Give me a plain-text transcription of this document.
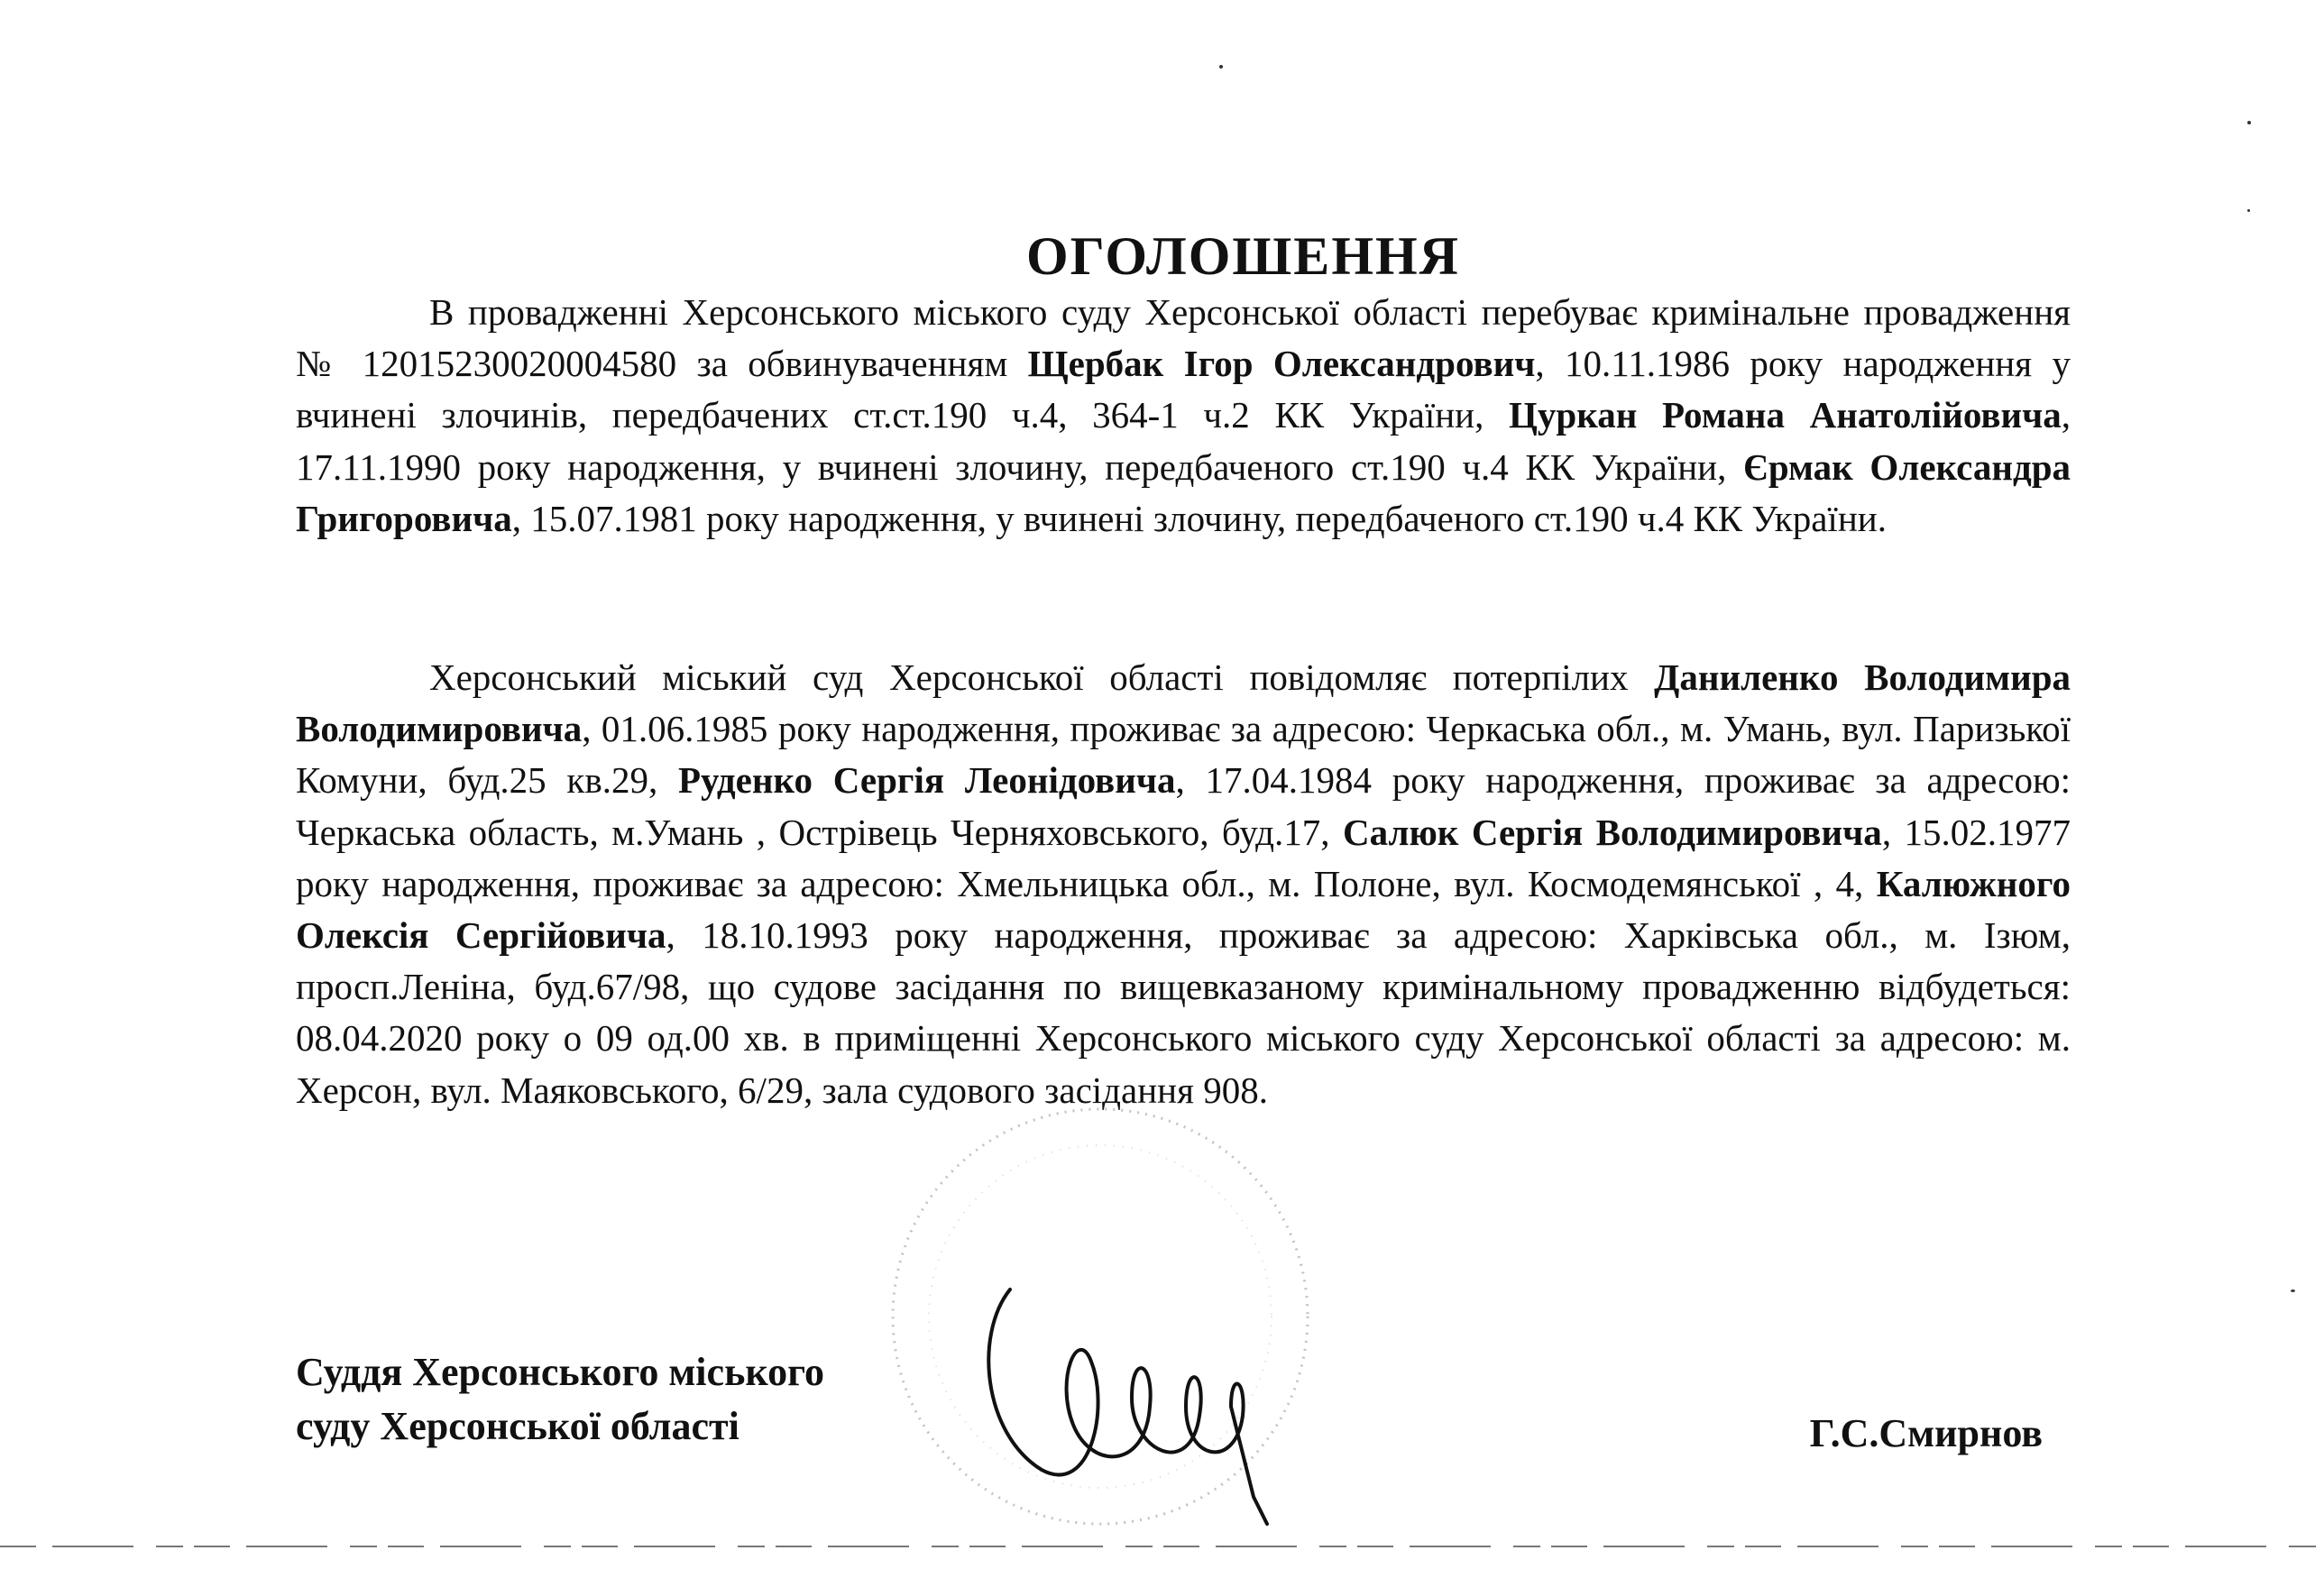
ОГОЛОШЕННЯ
В провадженні Херсонського міського суду Херсонської області перебуває кримінальне провадження № 12015230020004580 за обвинуваченням Щербак Ігор Олександрович, 10.11.1986 року народження у вчинені злочинів, передбачених ст.ст.190 ч.4, 364-1 ч.2 КК України, Цуркан Романа Анатолійовича, 17.11.1990 року народження, у вчинені злочину, передбаченого ст.190 ч.4 КК України, Єрмак Олександра Григоровича, 15.07.1981 року народження, у вчинені злочину, передбаченого ст.190 ч.4 КК України.
Херсонський міський суд Херсонської області повідомляє потерпілих Даниленко Володимира Володимировича, 01.06.1985 року народження, проживає за адресою: Черкаська обл., м. Умань, вул. Паризької Комуни, буд.25 кв.29, Руденко Сергія Леонідовича, 17.04.1984 року народження, проживає за адресою: Черкаська область, м.Умань , Острівець Черняховського, буд.17, Салюк Сергія Володимировича, 15.02.1977 року народження, проживає за адресою: Хмельницька обл., м. Полоне, вул. Космодемянської , 4, Калюжного Олексія Сергійовича, 18.10.1993 року народження, проживає за адресою: Харківська обл., м. Ізюм, просп.Леніна, буд.67/98, що судове засідання по вищевказаному кримінальному провадженню відбудеться: 08.04.2020 року о 09 од.00 хв. в приміщенні Херсонського міського суду Херсонської області за адресою: м. Херсон, вул. Маяковського, 6/29, зала судового засідання 908.
Суддя Херсонського міського
суду Херсонської області	Г.С.Смирнов
